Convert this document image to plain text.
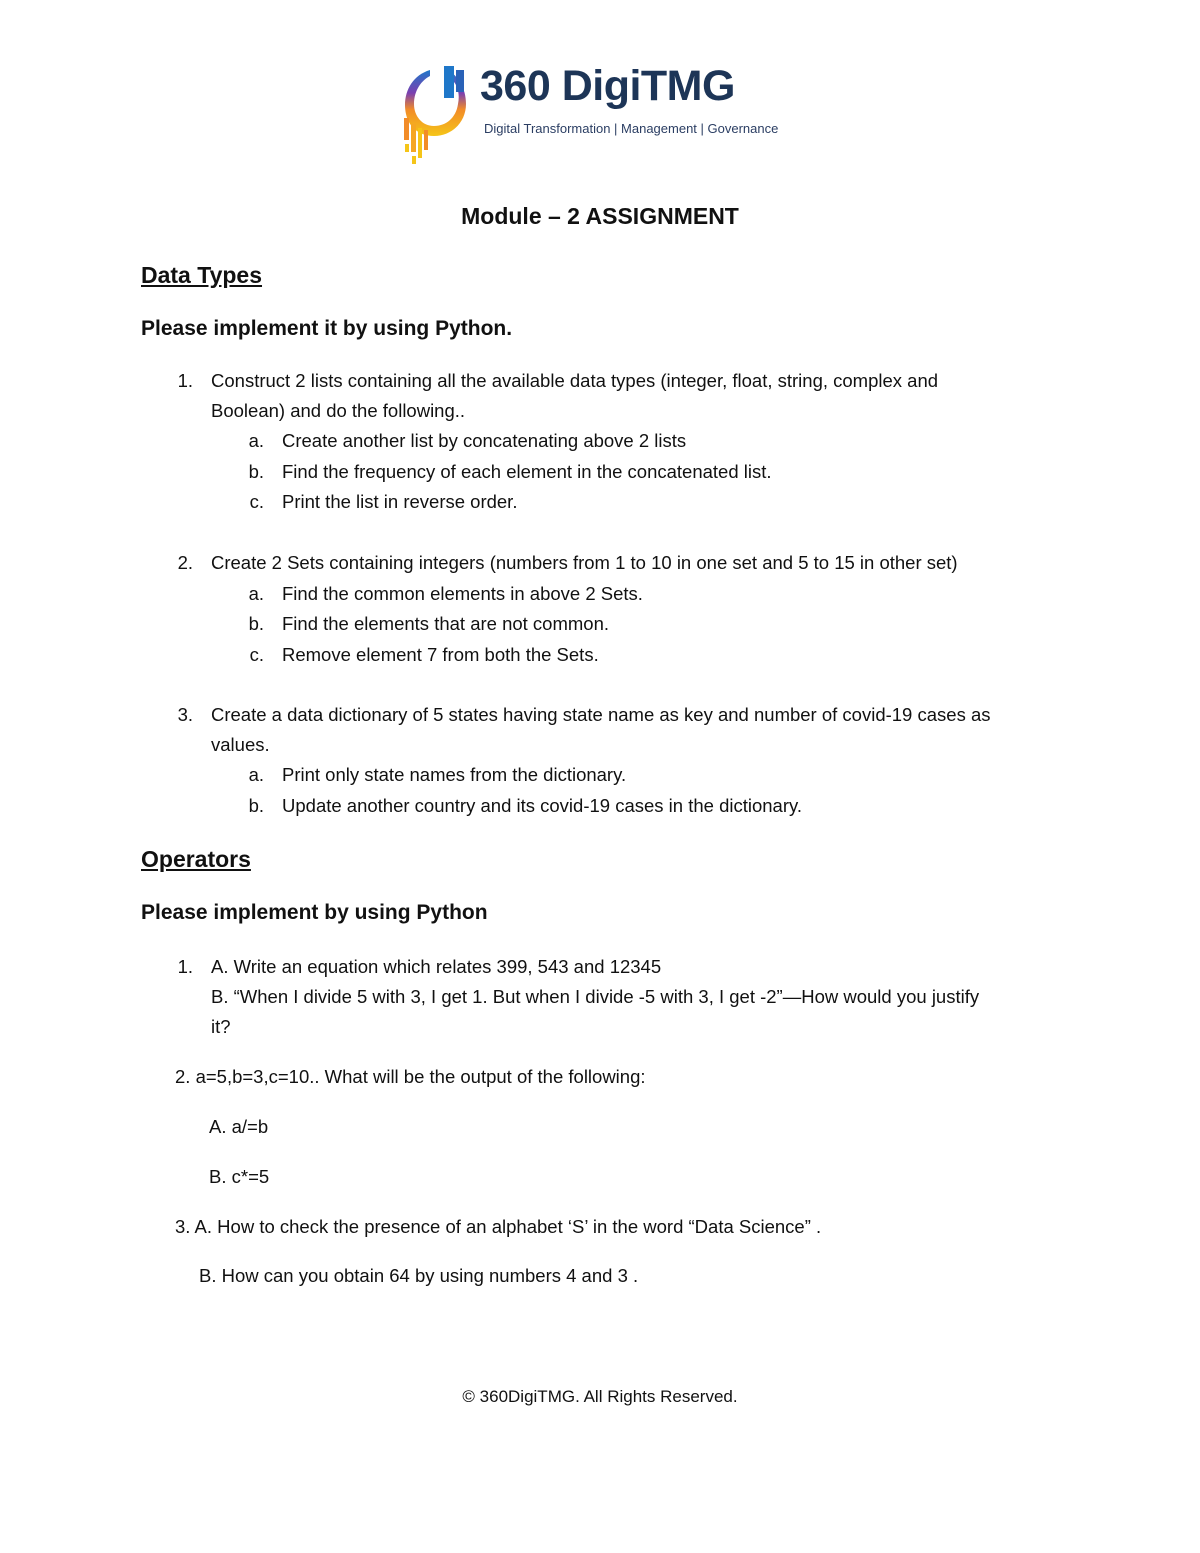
360 DigiTMG
Digital Transformation | Management | Governance
Module – 2 ASSIGNMENT
Data Types
Please implement it by using Python.
1. Construct 2 lists containing all the available data types (integer, float, string, complex and
Boolean) and do the following..
a. Create another list by concatenating above 2 lists
b. Find the frequency of each element in the concatenated list.
c. Print the list in reverse order.
2. Create 2 Sets containing integers (numbers from 1 to 10 in one set and 5 to 15 in other set)
a. Find the common elements in above 2 Sets.
b. Find the elements that are not common.
c. Remove element 7 from both the Sets.
3. Create a data dictionary of 5 states having state name as key and number of covid-19 cases as
values.
a. Print only state names from the dictionary.
b. Update another country and its covid-19 cases in the dictionary.
Operators
Please implement by using Python
1. A. Write an equation which relates 399, 543 and 12345
B. “When I divide 5 with 3, I get 1. But when I divide -5 with 3, I get -2”—How would you justify
it?
2. a=5,b=3,c=10.. What will be the output of the following:
A. a/=b
B. c*=5
3. A. How to check the presence of an alphabet ‘S’ in the word “Data Science” .
B. How can you obtain 64 by using numbers 4 and 3 .
© 360DigiTMG. All Rights Reserved.
